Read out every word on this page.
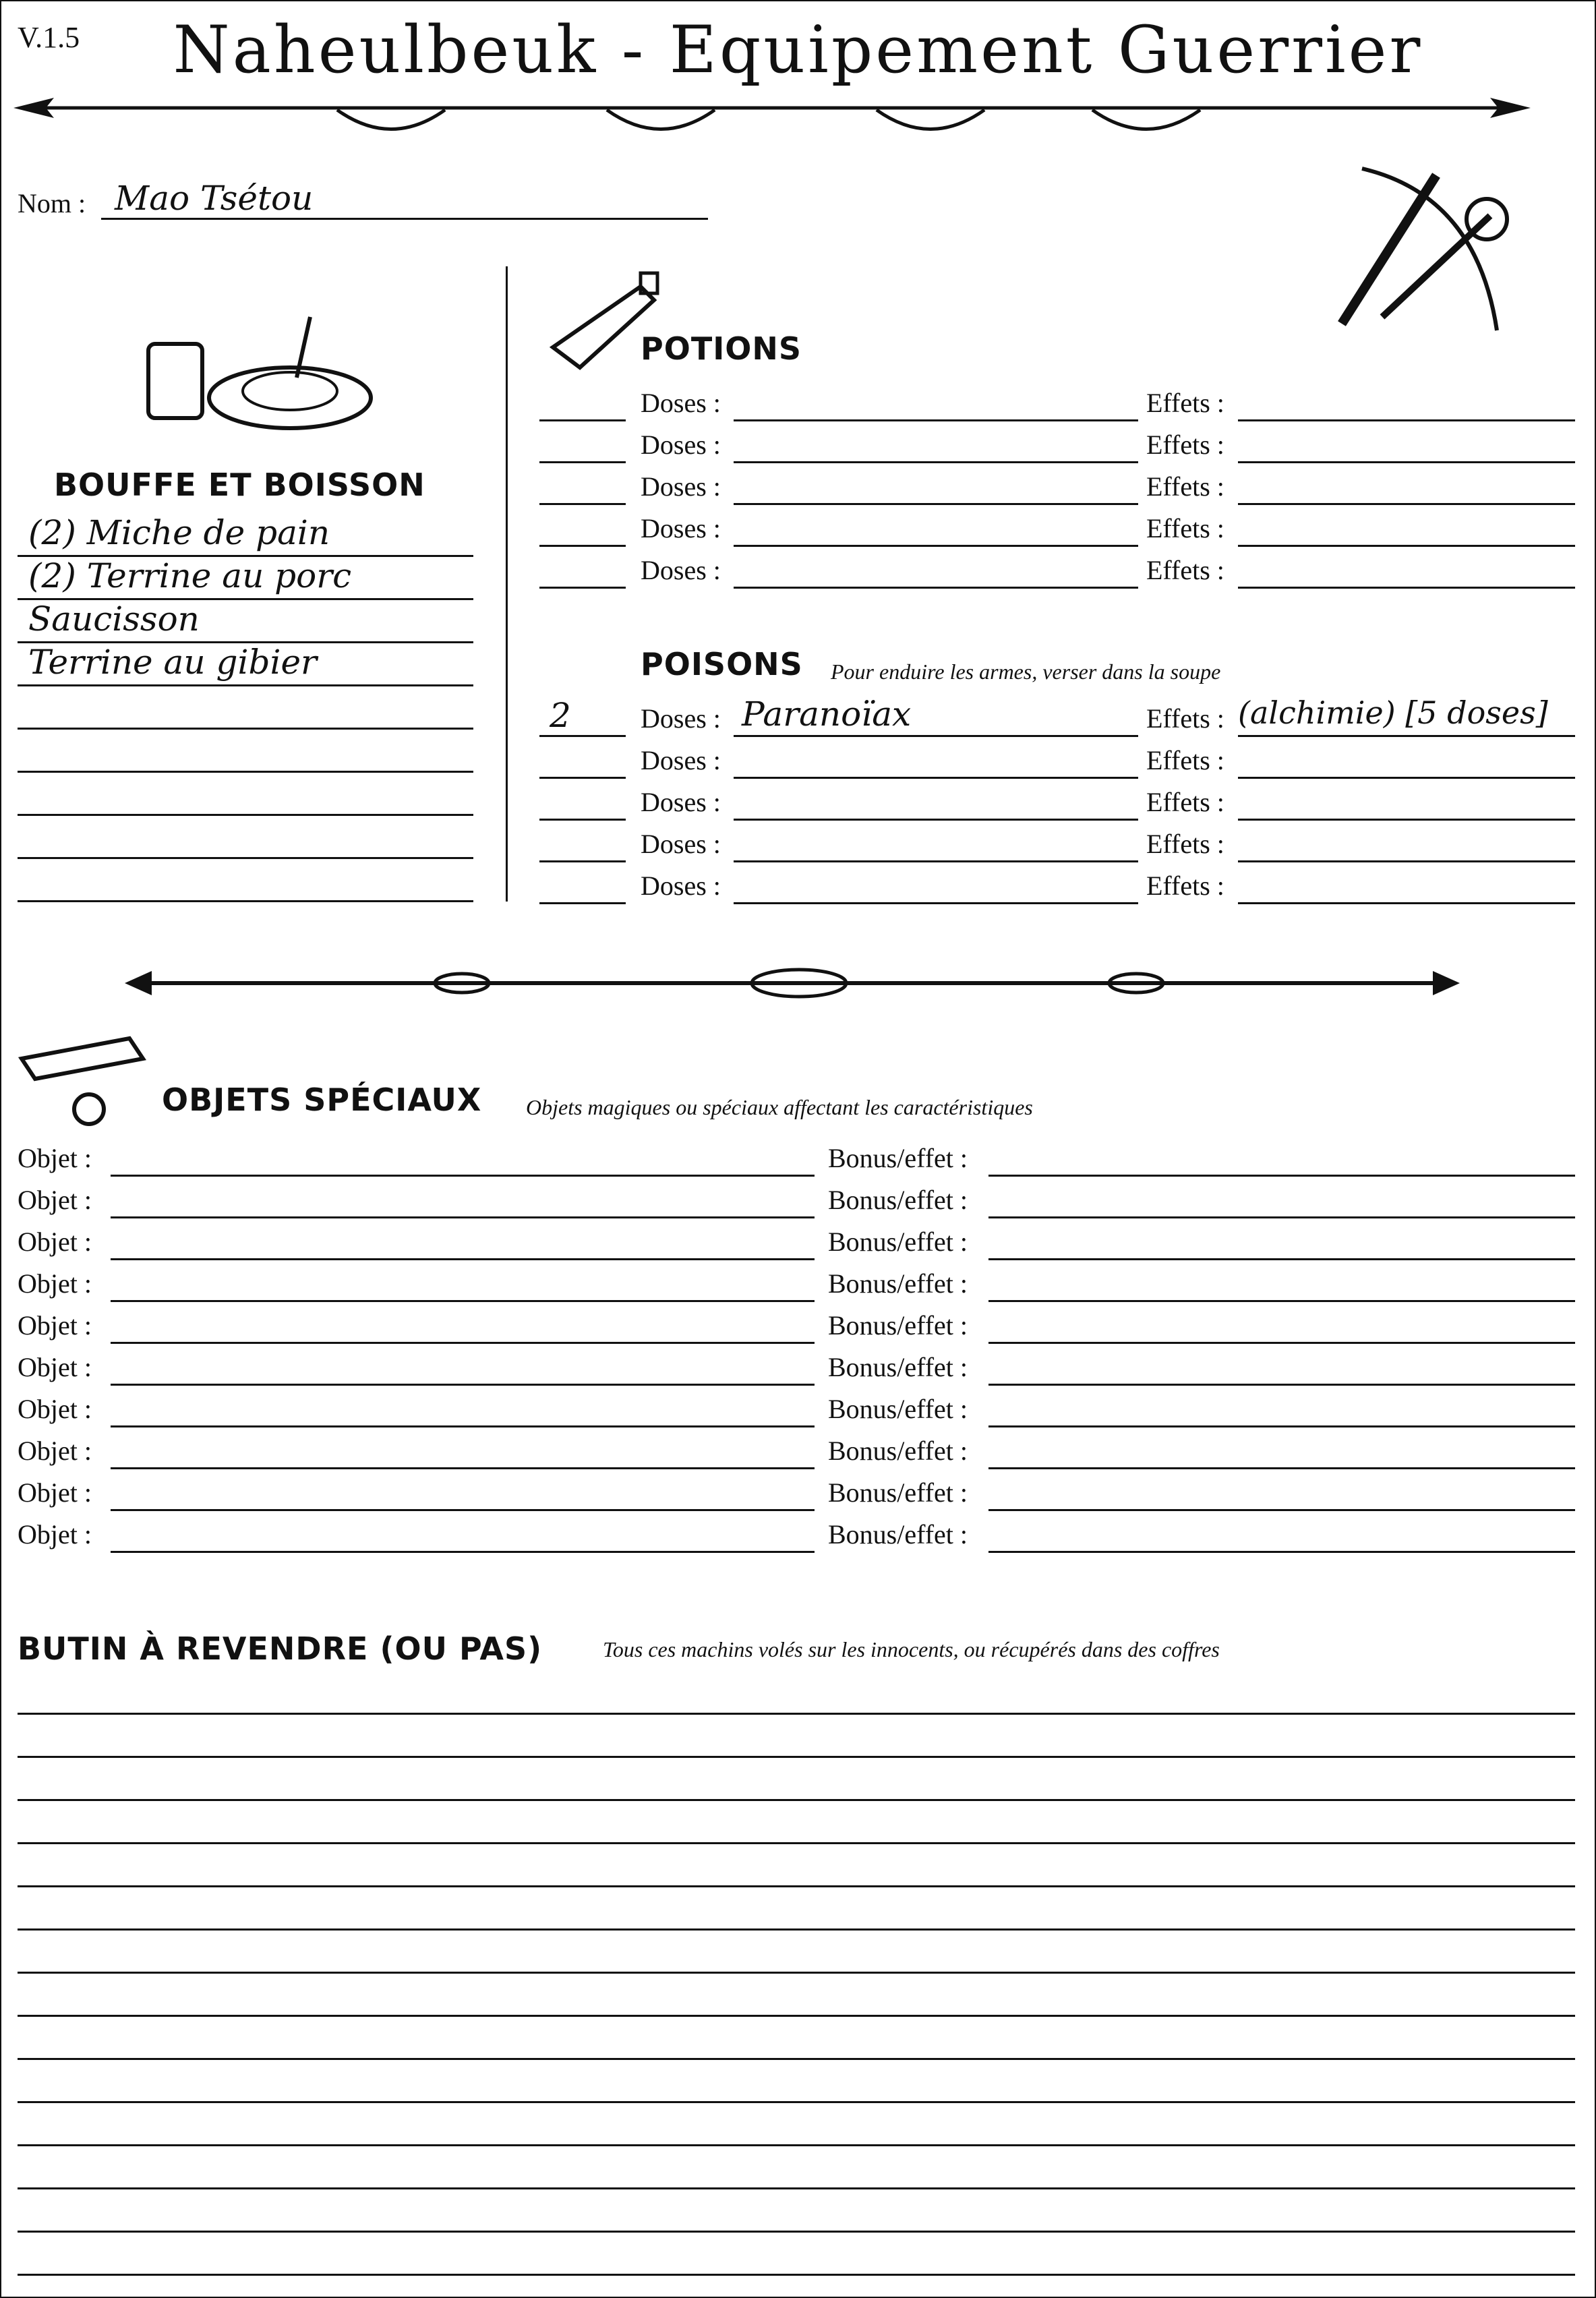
V.1.5	Naheulbeuk - Equipement Guerrier
Nom : Mao Tsétou
BOUFFE ET BOISSON
(2) Miche de pain
(2) Terrine au porc
Saucisson
Terrine au gibier
POTIONS
Doses :	Effets :
Doses :	Effets :
Doses :	Effets :
Doses :	Effets :
Doses :	Effets :
POISONS Pour enduire les armes, verser dans la soupe
2	Doses : Paranoïax	Effets : (alchimie) [5 doses]
Doses :	Effets :
Doses :	Effets :
Doses :	Effets :
Doses :	Effets :
OBJETS SPÉCIAUX Objets magiques ou spéciaux affectant les caractéristiques
Objet :	Bonus/effet :
Objet :	Bonus/effet :
Objet :	Bonus/effet :
Objet :	Bonus/effet :
Objet :	Bonus/effet :
Objet :	Bonus/effet :
Objet :	Bonus/effet :
Objet :	Bonus/effet :
Objet :	Bonus/effet :
Objet :	Bonus/effet :
BUTIN À REVENDRE (OU PAS)	Tous ces machins volés sur les innocents, ou récupérés dans des coffres
